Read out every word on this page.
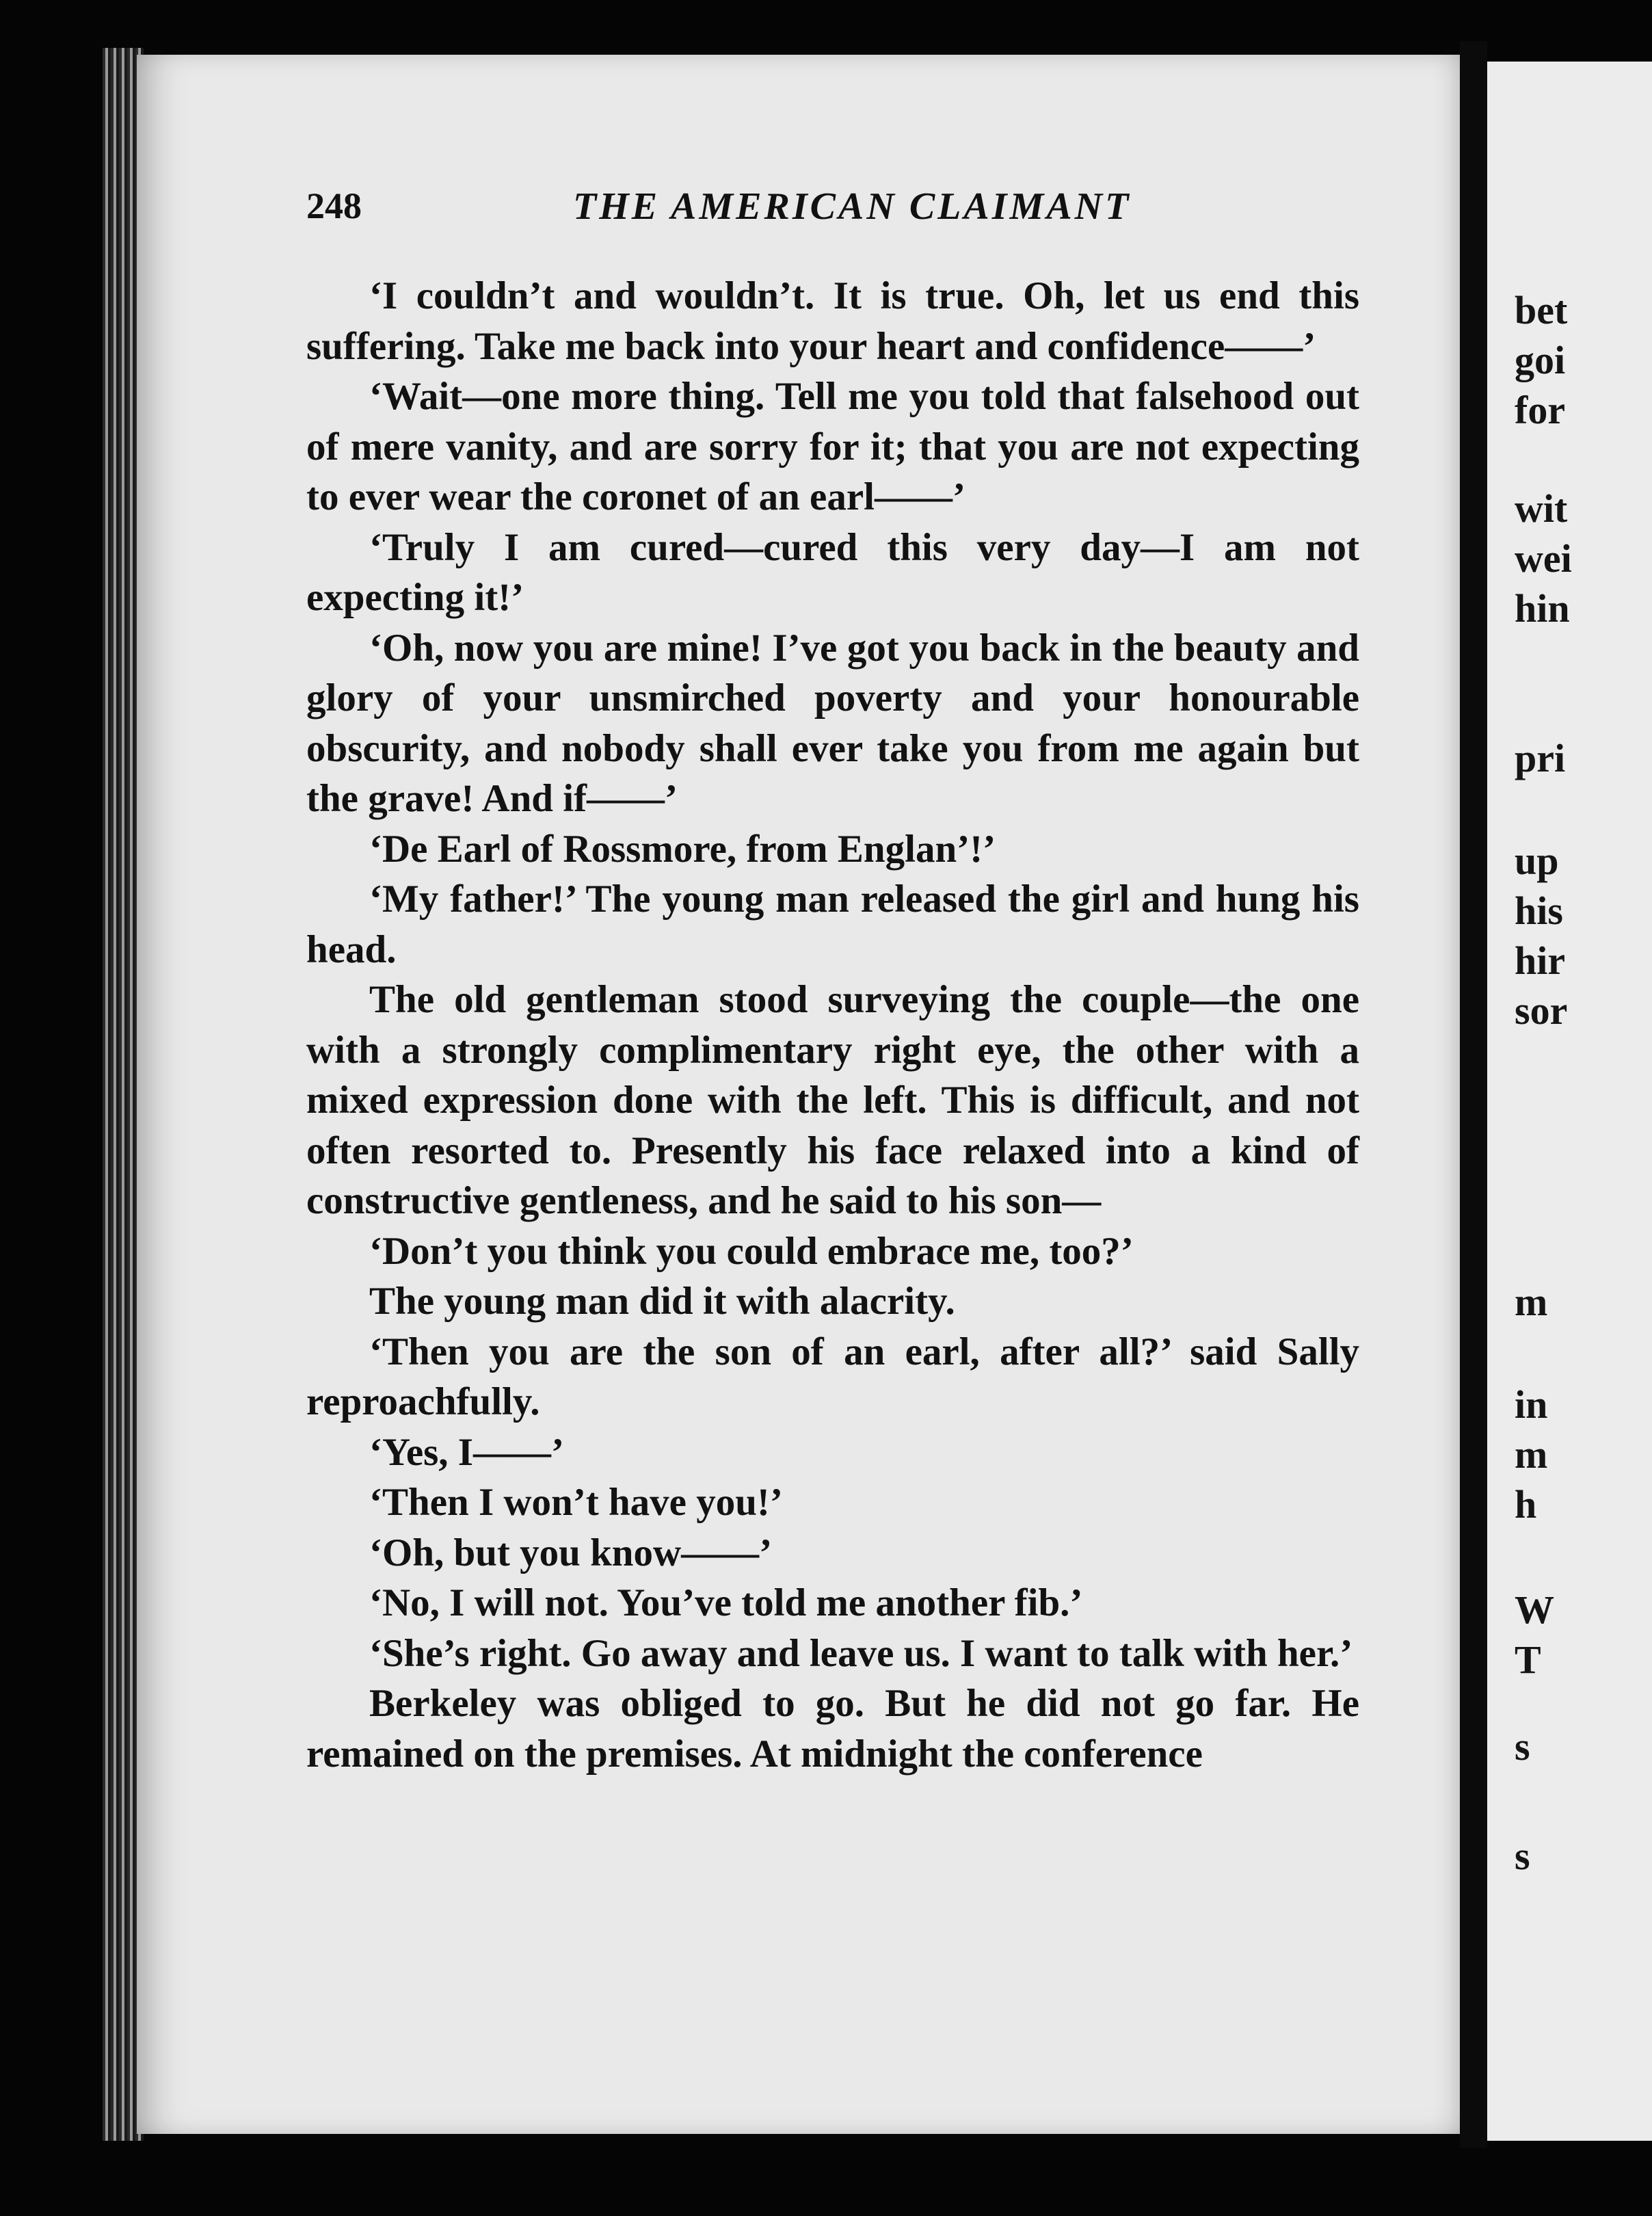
248	THE AMERICAN CLAIMANT

‘I couldn’t and wouldn’t. It is true. Oh, let us end this suffering. Take me back into your heart and confidence——’

‘Wait—one more thing. Tell me you told that falsehood out of mere vanity, and are sorry for it; that you are not expecting to ever wear the coronet of an earl——’

‘Truly I am cured—cured this very day—I am not expecting it!’

‘Oh, now you are mine! I’ve got you back in the beauty and glory of your unsmirched poverty and your honourable obscurity, and nobody shall ever take you from me again but the grave! And if——’

‘De Earl of Rossmore, from Englan’!’

‘My father!’ The young man released the girl and hung his head.

The old gentleman stood surveying the couple—the one with a strongly complimentary right eye, the other with a mixed expression done with the left. This is difficult, and not often resorted to. Presently his face relaxed into a kind of constructive gentleness, and he said to his son—

‘Don’t you think you could embrace me, too?’

The young man did it with alacrity.

‘Then you are the son of an earl, after all?’ said Sally reproachfully.

‘Yes, I——’

‘Then I won’t have you!’

‘Oh, but you know——’

‘No, I will not. You’ve told me another fib.’

‘She’s right. Go away and leave us. I want to talk with her.’

Berkeley was obliged to go. But he did not go far. He remained on the premises. At midnight the conference

bet
goi
for
wit
wei
hin
pri
up
his
hir
sor
m
in
m
h
W
T
s
s
